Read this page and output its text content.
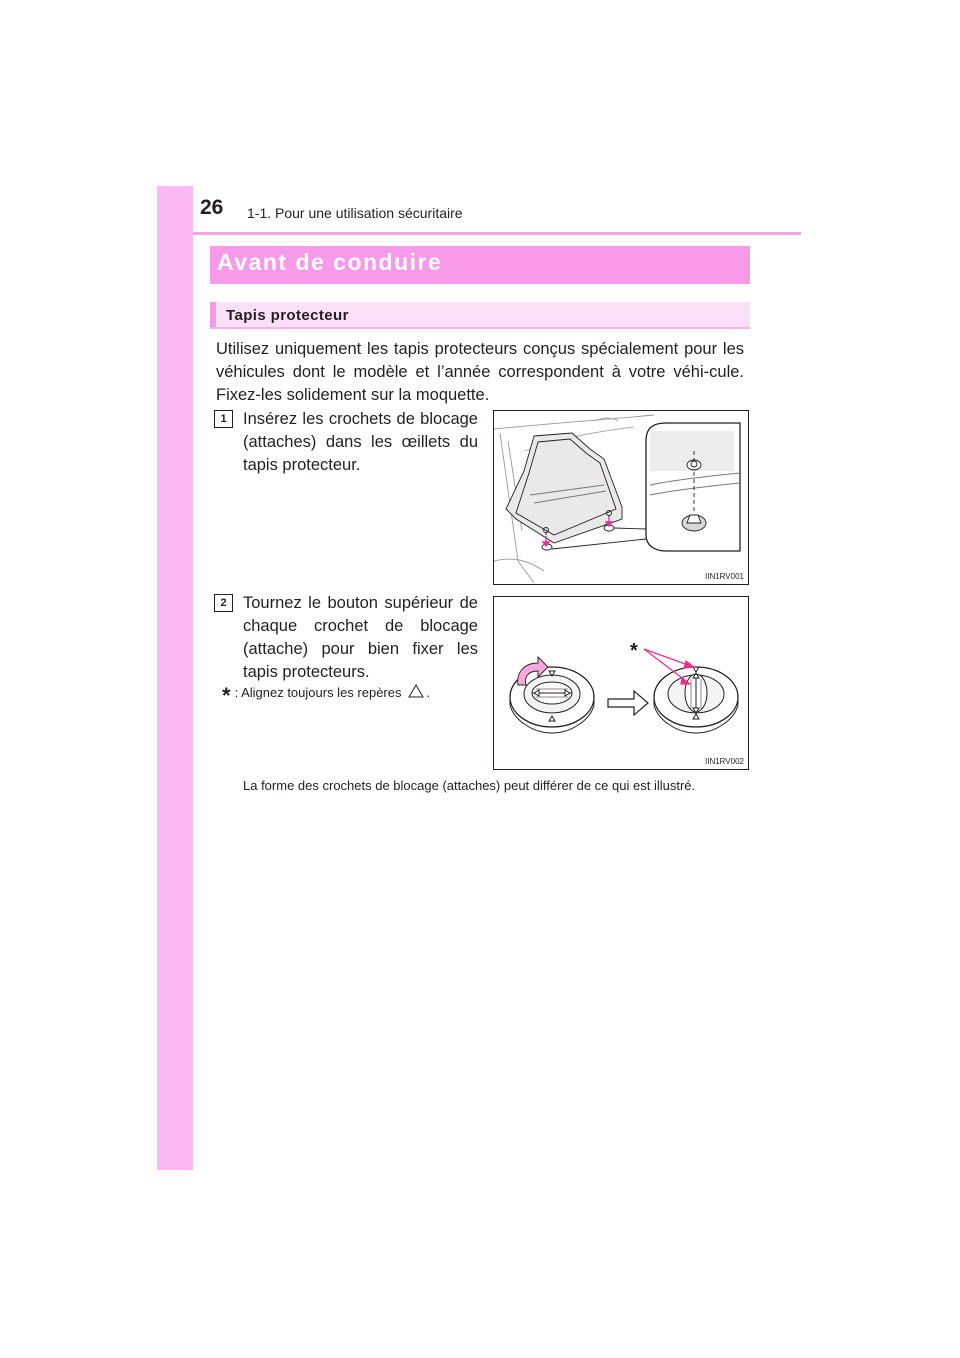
26 1-1. Pour une utilisation sécuritaire
Avant de conduire
Tapis protecteur
Utilisez uniquement les tapis protecteurs conçus spécialement pour les véhicules dont le modèle et l’année correspondent à votre véhi-cule. Fixez-les solidement sur la moquette.
1 Insérez les crochets de blocage (attaches) dans les œillets du tapis protecteur.
IIN1RV001
2 Tournez le bouton supérieur de chaque crochet de blocage (attache) pour bien fixer les tapis protecteurs.
* : Alignez toujours les repères .
*
IIN1RV002
La forme des crochets de blocage (attaches) peut différer de ce qui est illustré.
